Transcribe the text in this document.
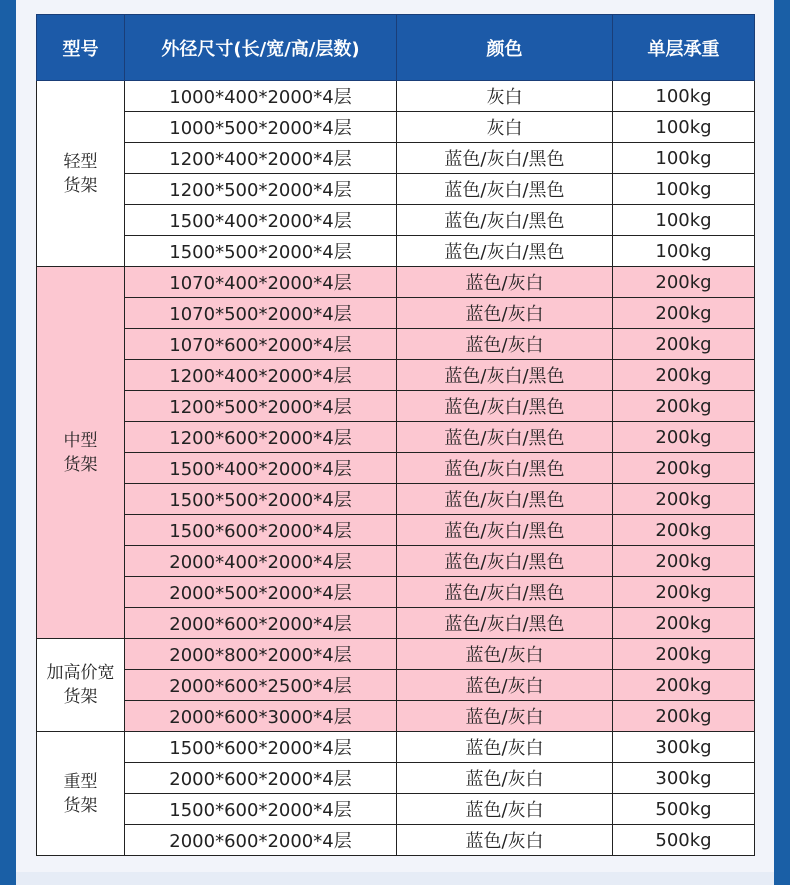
型号	外径尺寸(长/宽/高/层数)	颜色	单层承重

轻型
货架	1000*400*2000*4层	灰白	100kg
	1000*500*2000*4层	灰白	100kg
	1200*400*2000*4层	蓝色/灰白/黑色	100kg
	1200*500*2000*4层	蓝色/灰白/黑色	100kg
	1500*400*2000*4层	蓝色/灰白/黑色	100kg
	1500*500*2000*4层	蓝色/灰白/黑色	100kg

中型
货架	1070*400*2000*4层	蓝色/灰白	200kg
	1070*500*2000*4层	蓝色/灰白	200kg
	1070*600*2000*4层	蓝色/灰白	200kg
	1200*400*2000*4层	蓝色/灰白/黑色	200kg
	1200*500*2000*4层	蓝色/灰白/黑色	200kg
	1200*600*2000*4层	蓝色/灰白/黑色	200kg
	1500*400*2000*4层	蓝色/灰白/黑色	200kg
	1500*500*2000*4层	蓝色/灰白/黑色	200kg
	1500*600*2000*4层	蓝色/灰白/黑色	200kg
	2000*400*2000*4层	蓝色/灰白/黑色	200kg
	2000*500*2000*4层	蓝色/灰白/黑色	200kg
	2000*600*2000*4层	蓝色/灰白/黑色	200kg

加高价宽
货架	2000*800*2000*4层	蓝色/灰白	200kg
	2000*600*2500*4层	蓝色/灰白	200kg
	2000*600*3000*4层	蓝色/灰白	200kg

重型
货架	1500*600*2000*4层	蓝色/灰白	300kg
	2000*600*2000*4层	蓝色/灰白	300kg
	1500*600*2000*4层	蓝色/灰白	500kg
	2000*600*2000*4层	蓝色/灰白	500kg
